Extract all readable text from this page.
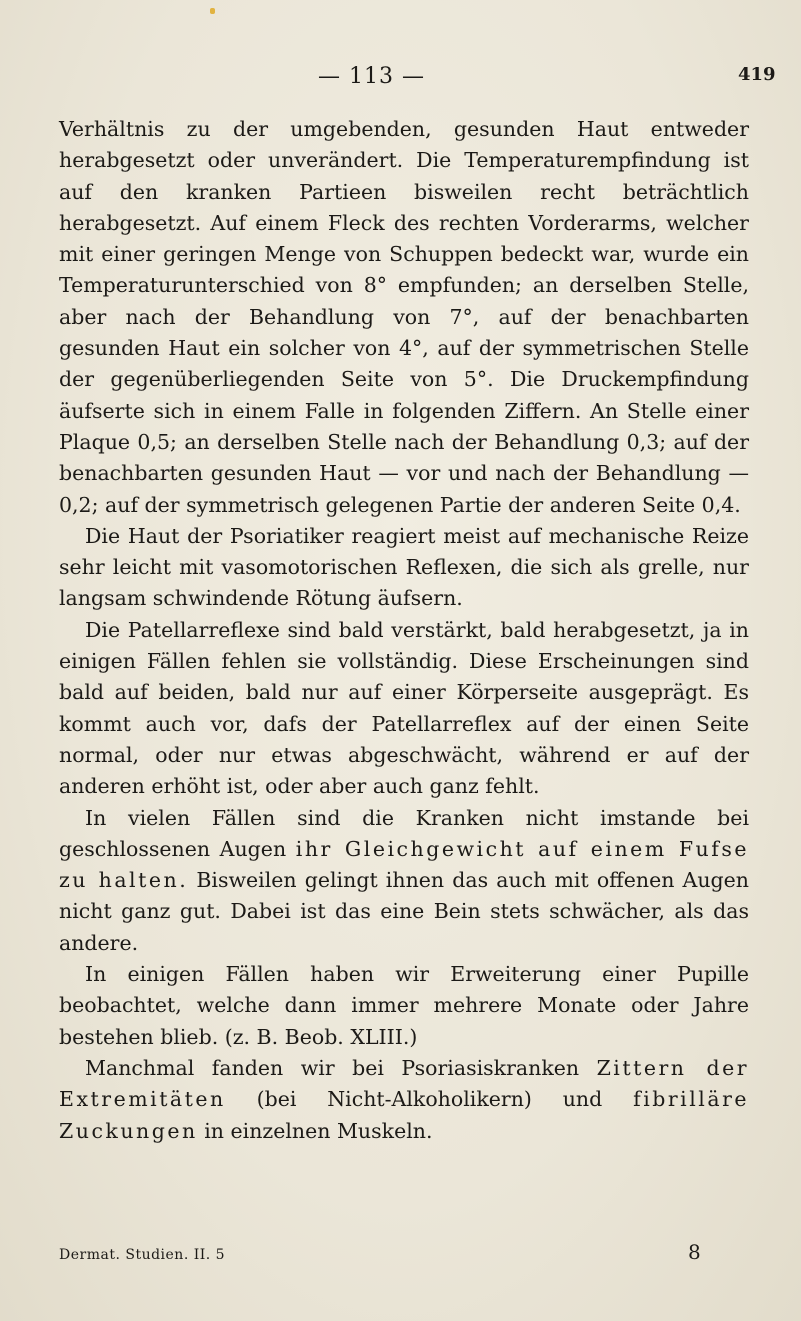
— 113 —	419

Verhältnis zu der umgebenden, gesunden Haut entweder herabgesetzt oder unverändert. Die Temperaturempfindung ist auf den kranken Partieen bisweilen recht beträchtlich herabgesetzt. Auf einem Fleck des rechten Vorderarms, welcher mit einer geringen Menge von Schuppen bedeckt war, wurde ein Temperaturunterschied von 8° empfunden; an derselben Stelle, aber nach der Behandlung von 7°, auf der benachbarten gesunden Haut ein solcher von 4°, auf der symmetrischen Stelle der gegenüberliegenden Seite von 5°. Die Druckempfindung äufserte sich in einem Falle in folgenden Ziffern. An Stelle einer Plaque 0,5; an derselben Stelle nach der Behandlung 0,3; auf der benachbarten gesunden Haut — vor und nach der Behandlung — 0,2; auf der symmetrisch gelegenen Partie der anderen Seite 0,4.

Die Haut der Psoriatiker reagiert meist auf mechanische Reize sehr leicht mit vasomotorischen Reflexen, die sich als grelle, nur langsam schwindende Rötung äufsern.

Die Patellarreflexe sind bald verstärkt, bald herabgesetzt, ja in einigen Fällen fehlen sie vollständig. Diese Erscheinungen sind bald auf beiden, bald nur auf einer Körperseite ausgeprägt. Es kommt auch vor, dafs der Patellarreflex auf der einen Seite normal, oder nur etwas abgeschwächt, während er auf der anderen erhöht ist, oder aber auch ganz fehlt.

In vielen Fällen sind die Kranken nicht imstande bei geschlossenen Augen ihr Gleichgewicht auf einem Fufse zu halten. Bisweilen gelingt ihnen das auch mit offenen Augen nicht ganz gut. Dabei ist das eine Bein stets schwächer, als das andere.

In einigen Fällen haben wir Erweiterung einer Pupille beobachtet, welche dann immer mehrere Monate oder Jahre bestehen blieb. (z. B. Beob. XLIII.)

Manchmal fanden wir bei Psoriasiskranken Zittern der Extremitäten (bei Nicht-Alkoholikern) und fibrilläre Zuckungen in einzelnen Muskeln.

Dermat. Studien. II. 5	8
